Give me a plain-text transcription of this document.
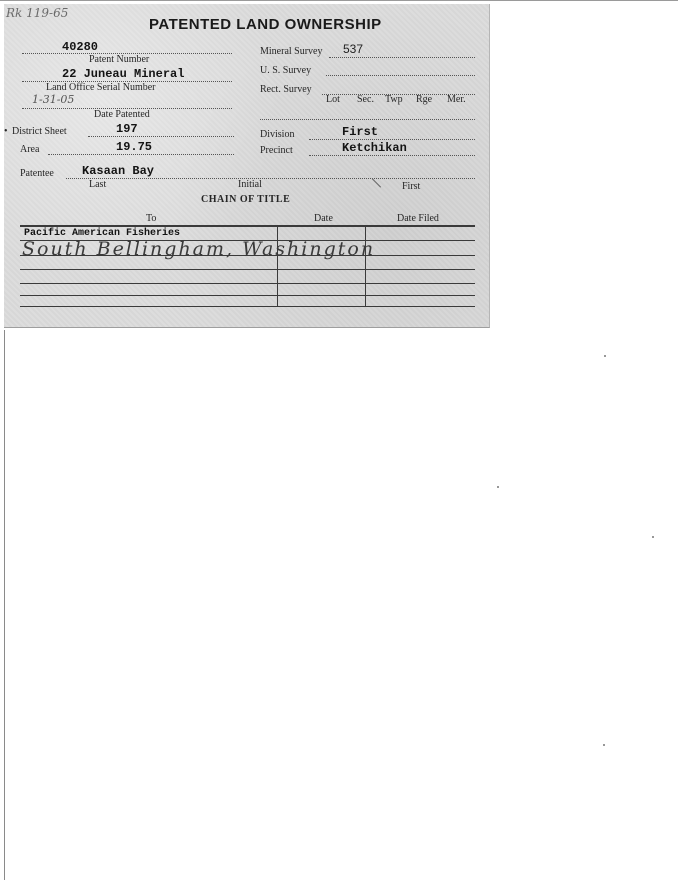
Rk 119-65
PATENTED LAND OWNERSHIP
40280
Patent Number
22 Juneau Mineral
Land Office Serial Number
1-31-05
Date Patented
Mineral Survey 537
U. S. Survey
Rect. Survey
Lot Sec. Twp Rge Mer.
• District Sheet	197
Area	19.75
Division	First
Precinct	Ketchikan
Patentee Kasaan Bay
Last	Initial	First
CHAIN OF TITLE
To	Date	Date Filed
Pacific American Fisheries
South Bellingham, Washington
